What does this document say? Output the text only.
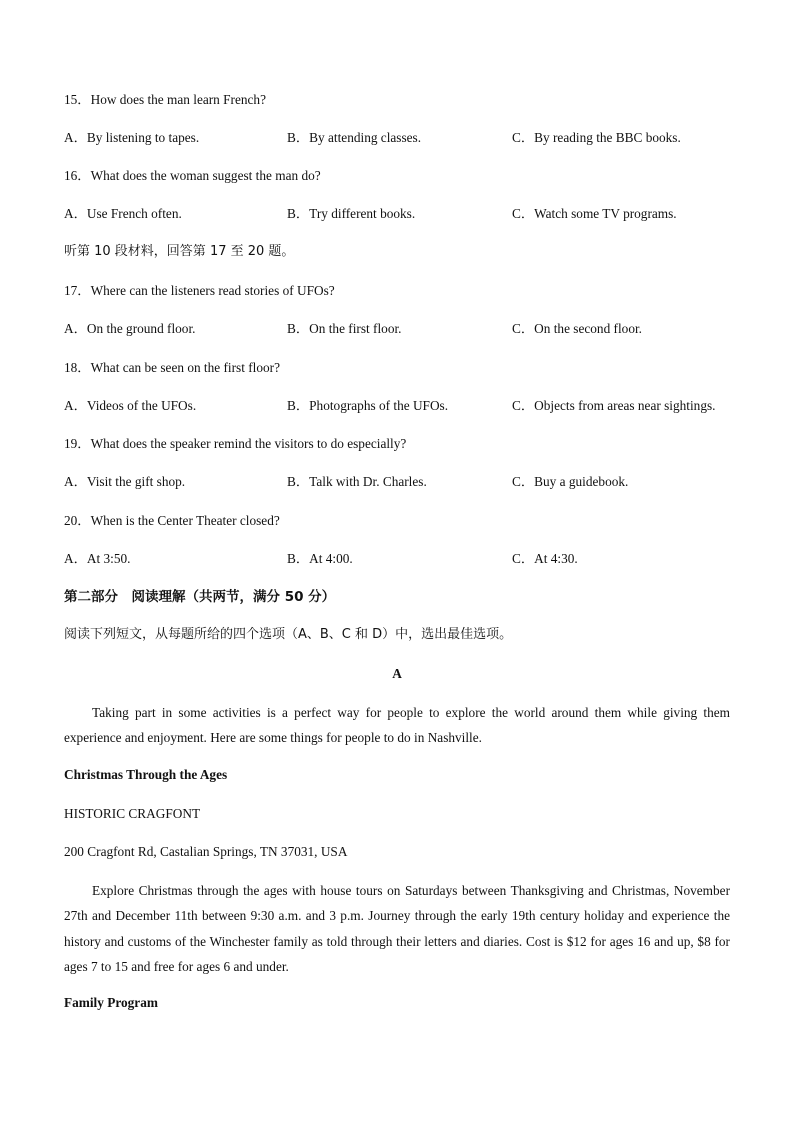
15．How does the man learn French?
A．By listening to tapes.	B．By attending classes.	C．By reading the BBC books.
16．What does the woman suggest the man do?
A．Use French often.	B．Try different books.	C．Watch some TV programs.
听第 10 段材料，回答第 17 至 20 题。
17．Where can the listeners read stories of UFOs?
A．On the ground floor.	B．On the first floor.	C．On the second floor.
18．What can be seen on the first floor?
A．Videos of the UFOs.	B．Photographs of the UFOs.	C．Objects from areas near sightings.
19．What does the speaker remind the visitors to do especially?
A．Visit the gift shop.	B．Talk with Dr. Charles.	C．Buy a guidebook.
20．When is the Center Theater closed?
A．At 3:50.	B．At 4:00.	C．At 4:30.
第二部分　阅读理解（共两节，满分 50 分）
阅读下列短文，从每题所给的四个选项（A、B、C 和 D）中，选出最佳选项。
A
Taking part in some activities is a perfect way for people to explore the world around them while giving them experience and enjoyment. Here are some things for people to do in Nashville.
Christmas Through the Ages
HISTORIC CRAGFONT
200 Cragfont Rd, Castalian Springs, TN 37031, USA
Explore Christmas through the ages with house tours on Saturdays between Thanksgiving and Christmas, November 27th and December 11th between 9:30 a.m. and 3 p.m. Journey through the early 19th century holiday and experience the history and customs of the Winchester family as told through their letters and diaries. Cost is $12 for ages 16 and up, $8 for ages 7 to 15 and free for ages 6 and under.
Family Program
